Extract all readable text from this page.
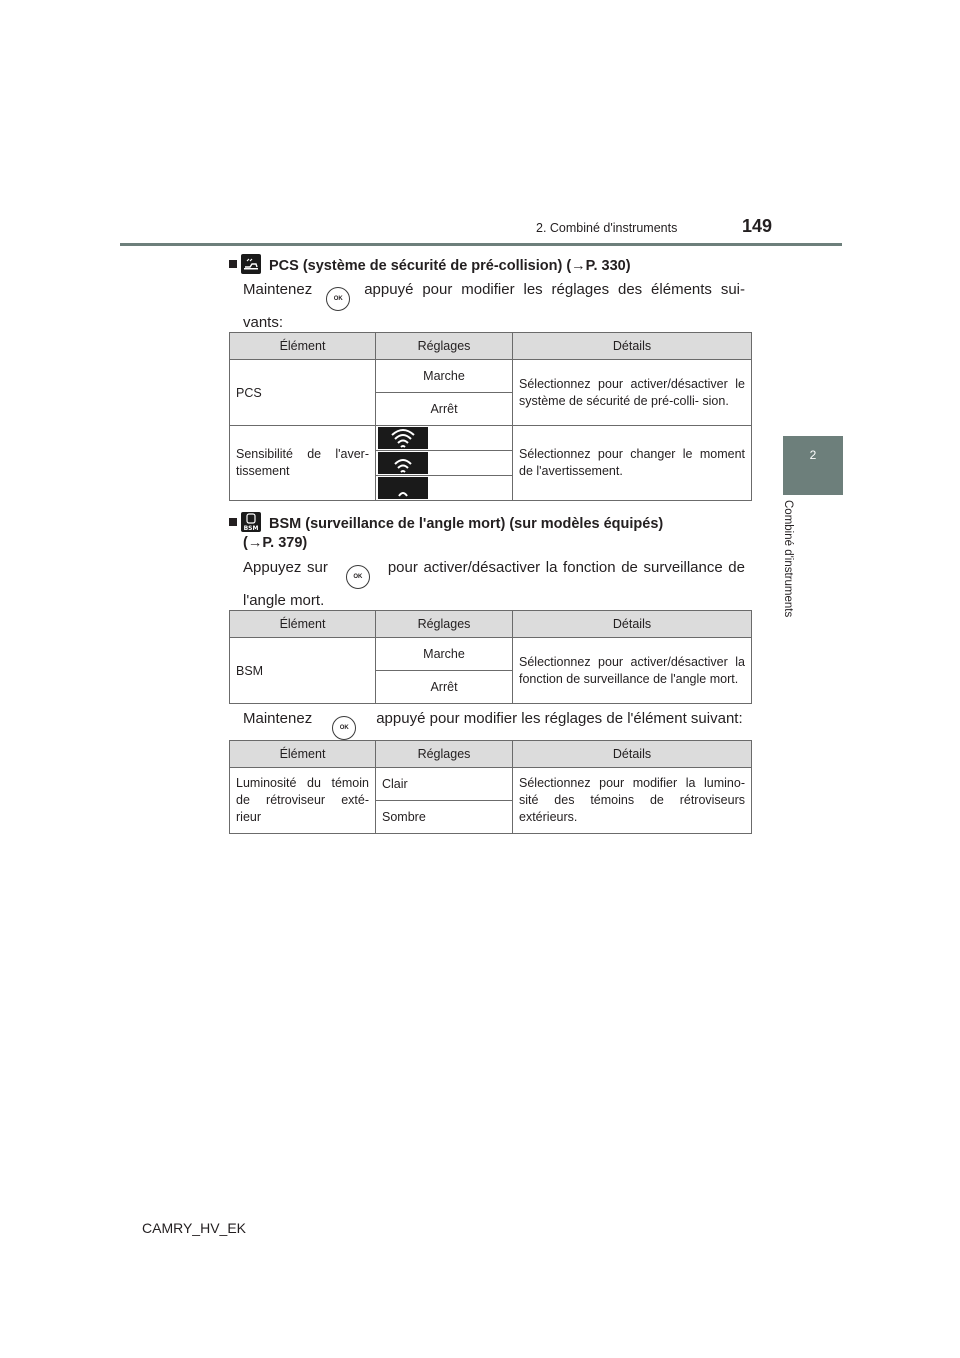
2. Combiné d'instruments	149
2
Combiné d'instruments
PCS (système de sécurité de pré-collision) (→P. 330)
MaintenezOKappuyé pour modifier les réglages des éléments sui- vants:
Élément	Réglages	Détails
PCS	Marche	Sélectionnez pour activer/désactiver le système de sécurité de pré-colli- sion.
	Arrêt	
Sensibilité de l'aver- tissement		Sélectionnez pour changer le moment de l'avertissement.

BSM BSM (surveillance de l'angle mort) (sur modèles équipés)
(→P. 379)
Appuyez surOKpour activer/désactiver la fonction de surveillance de l'angle mort.
Élément	Réglages	Détails
BSM	Marche	Sélectionnez pour activer/désactiver la fonction de surveillance de l'angle mort.
	Arrêt	
MaintenezOKappuyé pour modifier les réglages de l'élément suivant:
Élément	Réglages	Détails
Luminosité du témoin de rétroviseur exté- rieur	Clair	Sélectionnez pour modifier la lumino- sité des témoins de rétroviseurs extérieurs.
	Sombre	
CAMRY_HV_EK
